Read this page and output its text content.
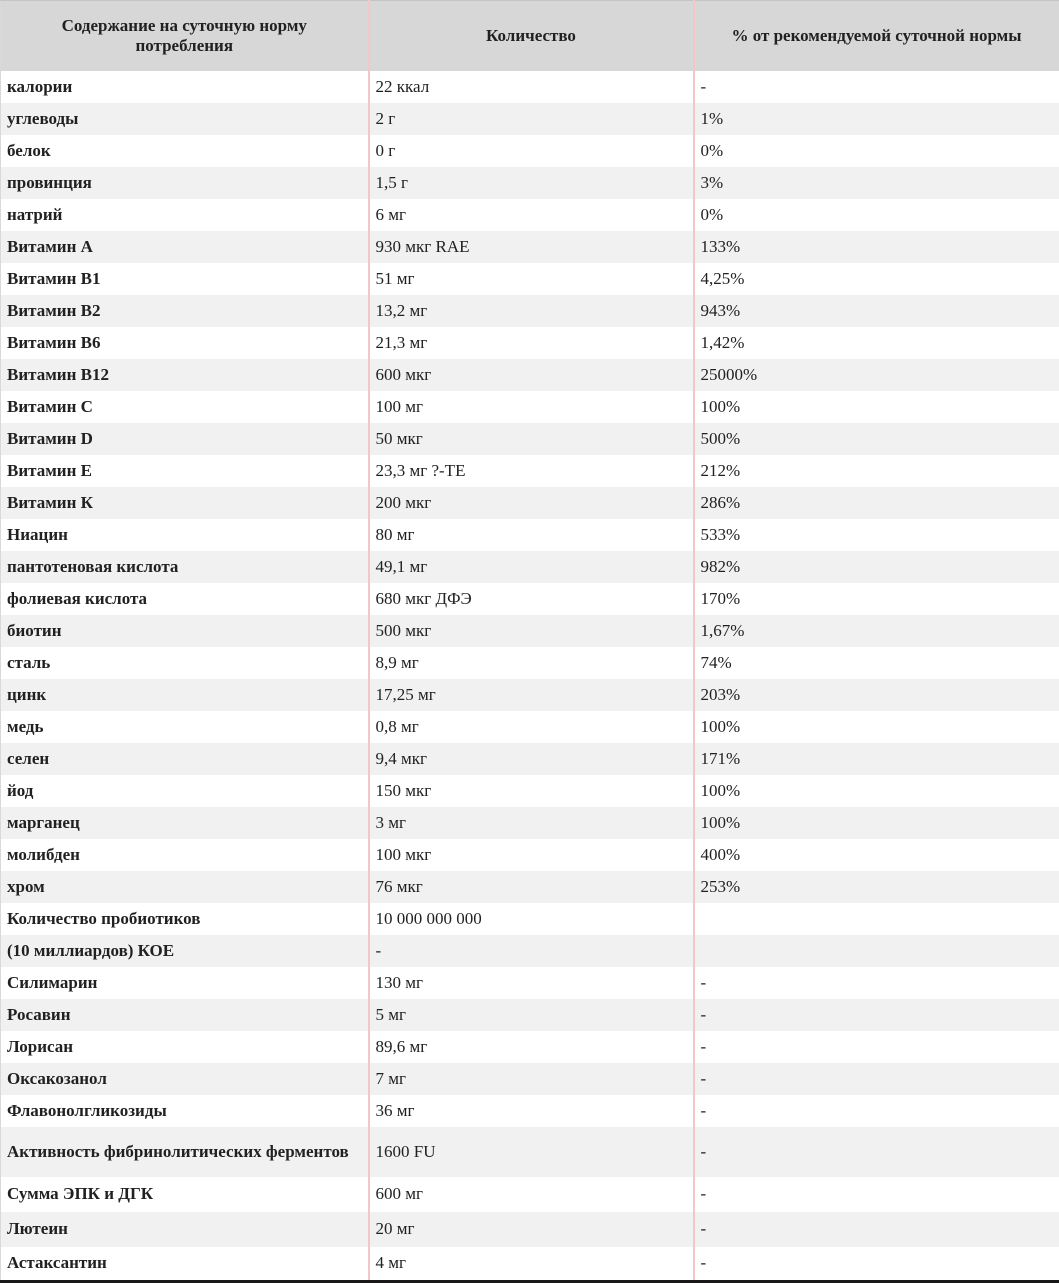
Содержание на суточную норму потребления	Количество	% от рекомендуемой суточной нормы
калории	22 ккал	-
углеводы	2 г	1%
белок	0 г	0%
провинция	1,5 г	3%
натрий	6 мг	0%
Витамин A	930 мкг RAE	133%
Витамин B1	51 мг	4,25%
Витамин B2	13,2 мг	943%
Витамин B6	21,3 мг	1,42%
Витамин B12	600 мкг	25000%
Витамин C	100 мг	100%
Витамин D	50 мкг	500%
Витамин E	23,3 мг ?-ТЕ	212%
Витамин К	200 мкг	286%
Ниацин	80 мг	533%
пантотеновая кислота	49,1 мг	982%
фолиевая кислота	680 мкг ДФЭ	170%
биотин	500 мкг	1,67%
сталь	8,9 мг	74%
цинк	17,25 мг	203%
медь	0,8 мг	100%
селен	9,4 мкг	171%
йод	150 мкг	100%
марганец	3 мг	100%
молибден	100 мкг	400%
хром	76 мкг	253%
Количество пробиотиков	10 000 000 000	
(10 миллиардов) КОЕ	-	
Силимарин	130 мг	-
Росавин	5 мг	-
Лорисан	89,6 мг	-
Оксакозанол	7 мг	-
Флавонолгликозиды	36 мг	-
Активность фибринолитических ферментов	1600 FU	-
Сумма ЭПК и ДГК	600 мг	-
Лютеин	20 мг	-
Астаксантин	4 мг	-
